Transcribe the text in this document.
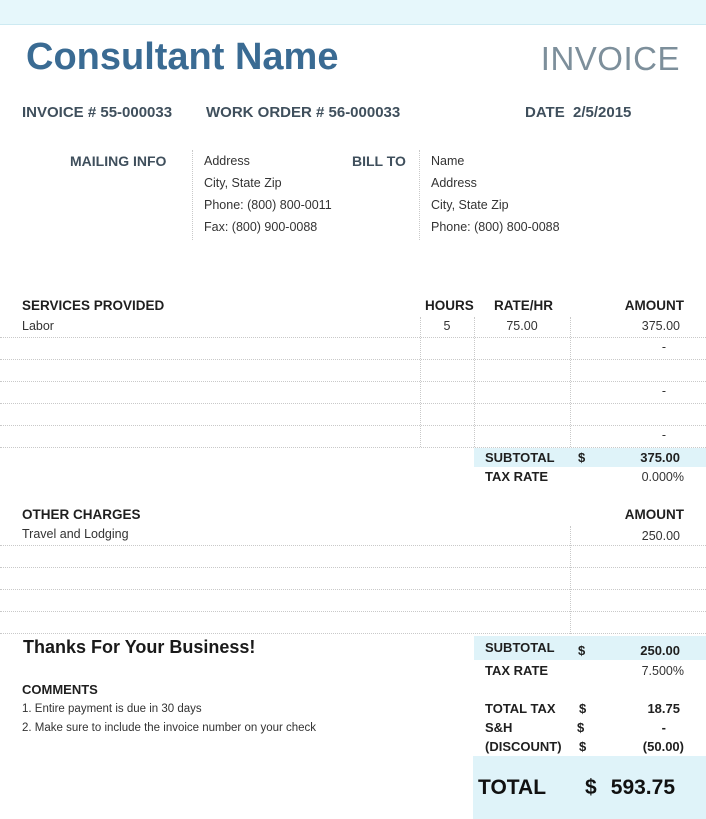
Consultant Name	INVOICE
INVOICE # 55-000033 WORK ORDER # 56-000033	DATE 2/5/2015
MAILING INFO	Address
City, State Zip
Phone: (800) 800-0011
Fax: (800) 900-0088
BILL TO Name
Address
City, State Zip
Phone: (800) 800-0088
SERVICES PROVIDED	HOURS RATE/HR	AMOUNT
Labor	5	75.00	375.00
-
-
-
SUBTOTAL $	375.00
TAX RATE	0.000%
OTHER CHARGES	AMOUNT
Travel and Lodging	250.00
SUBTOTAL $	250.00
TAX RATE	7.500%
Thanks For Your Business!
COMMENTS
1. Entire payment is due in 30 days
2. Make sure to include the invoice number on your check
TOTAL TAX $	18.75
S&H	$	-
(DISCOUNT) $	(50.00)
TOTAL $ 593.75
